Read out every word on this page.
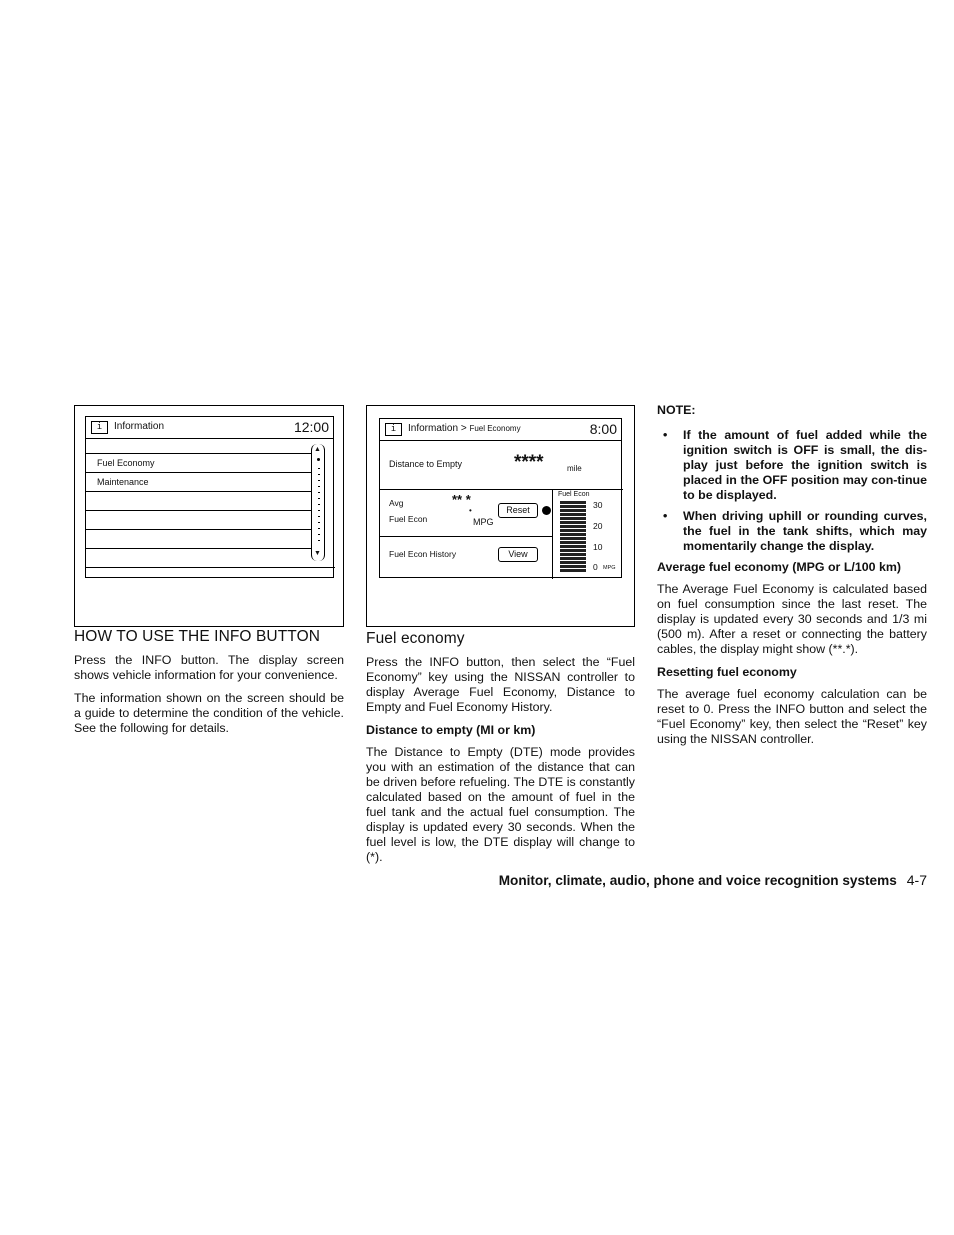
i	Information	12:00
Fuel Economy
Maintenance
▲
▼
i	Information > Fuel Economy	8:00
Distance to Empty	****	mile
Avg
Fuel Econ
** *
•
MPG
Reset
Fuel Econ History	View
Fuel Econ
30
20
10
0 MPG
HOW TO USE THE INFO BUTTON

Press the INFO button. The display screen shows vehicle information for your convenience.

The information shown on the screen should be a guide to determine the condition of the vehicle. See the following for details.

Fuel economy

Press the INFO button, then select the “Fuel Economy” key using the NISSAN controller to display Average Fuel Economy, Distance to Empty and Fuel Economy History.

Distance to empty (MI or km)

The Distance to Empty (DTE) mode provides you with an estimation of the distance that can be driven before refueling. The DTE is constantly calculated based on the amount of fuel in the fuel tank and the actual fuel consumption. The display is updated every 30 seconds. When the fuel level is low, the DTE display will change to (*).

NOTE:
• If the amount of fuel added while the ignition switch is OFF is small, the dis-play just before the ignition switch is placed in the OFF position may con-tinue to be displayed.
• When driving uphill or rounding curves, the fuel in the tank shifts, which may momentarily change the display.
Average fuel economy (MPG or L/100 km)

The Average Fuel Economy is calculated based on fuel consumption since the last reset. The display is updated every 30 seconds and 1/3 mi (500 m). After a reset or connecting the battery cables, the display might show (**.*).

Resetting fuel economy

The average fuel economy calculation can be reset to 0. Press the INFO button and select the “Fuel Economy” key, then select the “Reset” key using the NISSAN controller.

Monitor, climate, audio, phone and voice recognition systems 4-7
